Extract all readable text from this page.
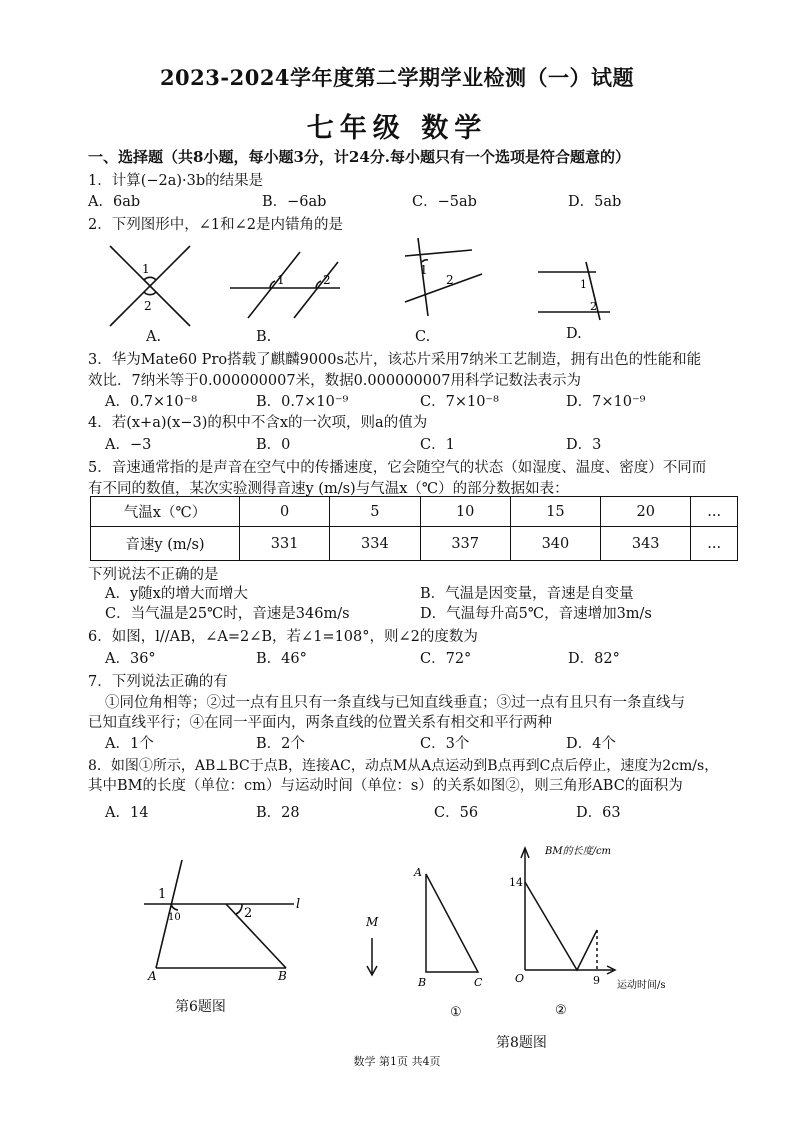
2023-2024学年度第二学期学业检测（一）试题
七年级 数学
一、选择题（共8小题，每小题3分，计24分.每小题只有一个选项是符合题意的）
1．计算(−2a)·3b的结果是
A．6ab	B．−6ab	C．−5ab	D．5ab
2．下列图形中，∠1和∠2是内错角的是
1
2
1	2
1
2	1
2
A.	B.	C.	D.
3．华为Mate60 Pro搭载了麒麟9000s芯片，该芯片采用7纳米工艺制造，拥有出色的性能和能
效比．7纳米等于0.000000007米，数据0.000000007用科学记数法表示为
A．0.7×10⁻⁸	B．0.7×10⁻⁹	C．7×10⁻⁸	D．7×10⁻⁹
4．若(x+a)(x−3)的积中不含x的一次项，则a的值为
A．−3	B．0	C．1	D．3
5．音速通常指的是声音在空气中的传播速度，它会随空气的状态（如湿度、温度、密度）不同而
有不同的数值，某次实验测得音速y (m/s)与气温x（℃）的部分数据如表：
气温x（℃）	0	5	10	15	20	...
音速y (m/s)	331	334	337	340	343	...
下列说法不正确的是
A．y随x的增大而增大	B．气温是因变量，音速是自变量
C．当气温是25℃时，音速是346m/s	D．气温每升高5℃，音速增加3m/s
6．如图，l//AB，∠A=2∠B，若∠1=108°，则∠2的度数为
A．36°	B．46°	C．72°	D．82°
7．下列说法正确的有
①同位角相等；②过一点有且只有一条直线与已知直线垂直；③过一点有且只有一条直线与
已知直线平行；④在同一平面内，两条直线的位置关系有相交和平行两种
A．1个	B．2个	C．3个	D．4个
8．如图①所示，AB⊥BC于点B，连接AC，动点M从A点运动到B点再到C点后停止，速度为2cm/s，
其中BM的长度（单位：cm）与运动时间（单位：s）的关系如图②，则三角形ABC的面积为
A．14	B．28	C．56	D．63
1
10	2
l
A	B
第6题图
M
A
B	C
①
BM的长度/cm
14
O	9 运动时间/s
②
第8题图
数学 第1页 共4页
